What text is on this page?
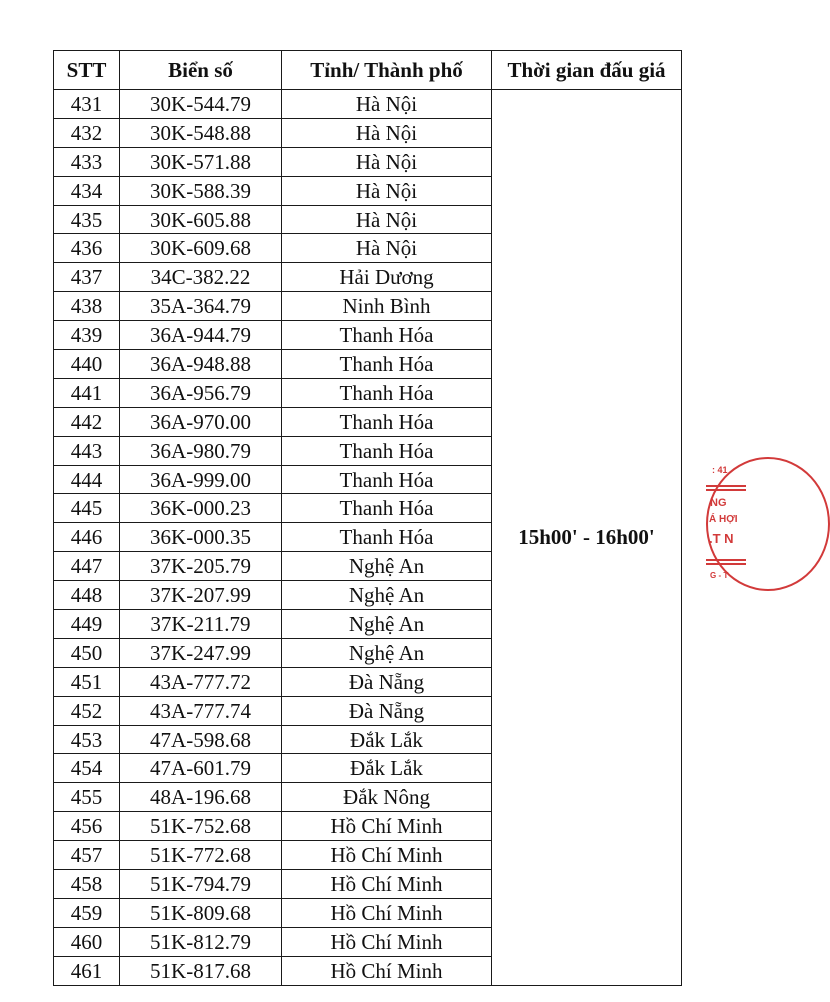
STT	Biển số	Tỉnh/ Thành phố	Thời gian đấu giá
431	30K-544.79	Hà Nội	15h00' - 16h00'
432	30K-548.88	Hà Nội	
433	30K-571.88	Hà Nội	
434	30K-588.39	Hà Nội	
435	30K-605.88	Hà Nội	
436	30K-609.68	Hà Nội	
437	34C-382.22	Hải Dương	
438	35A-364.79	Ninh Bình	
439	36A-944.79	Thanh Hóa	
440	36A-948.88	Thanh Hóa	
441	36A-956.79	Thanh Hóa	
442	36A-970.00	Thanh Hóa	
443	36A-980.79	Thanh Hóa	
444	36A-999.00	Thanh Hóa	
445	36K-000.23	Thanh Hóa	
446	36K-000.35	Thanh Hóa	
447	37K-205.79	Nghệ An	
448	37K-207.99	Nghệ An	
449	37K-211.79	Nghệ An	
450	37K-247.99	Nghệ An	
451	43A-777.72	Đà Nẵng	
452	43A-777.74	Đà Nẵng	
453	47A-598.68	Đắk Lắk	
454	47A-601.79	Đắk Lắk	
455	48A-196.68	Đắk Nông	
456	51K-752.68	Hồ Chí Minh	
457	51K-772.68	Hồ Chí Minh	
458	51K-794.79	Hồ Chí Minh	
459	51K-809.68	Hồ Chí Minh	
460	51K-812.79	Hồ Chí Minh	
461	51K-817.68	Hồ Chí Minh	
: 41
NG
Á HỢI
.T N
G - T
